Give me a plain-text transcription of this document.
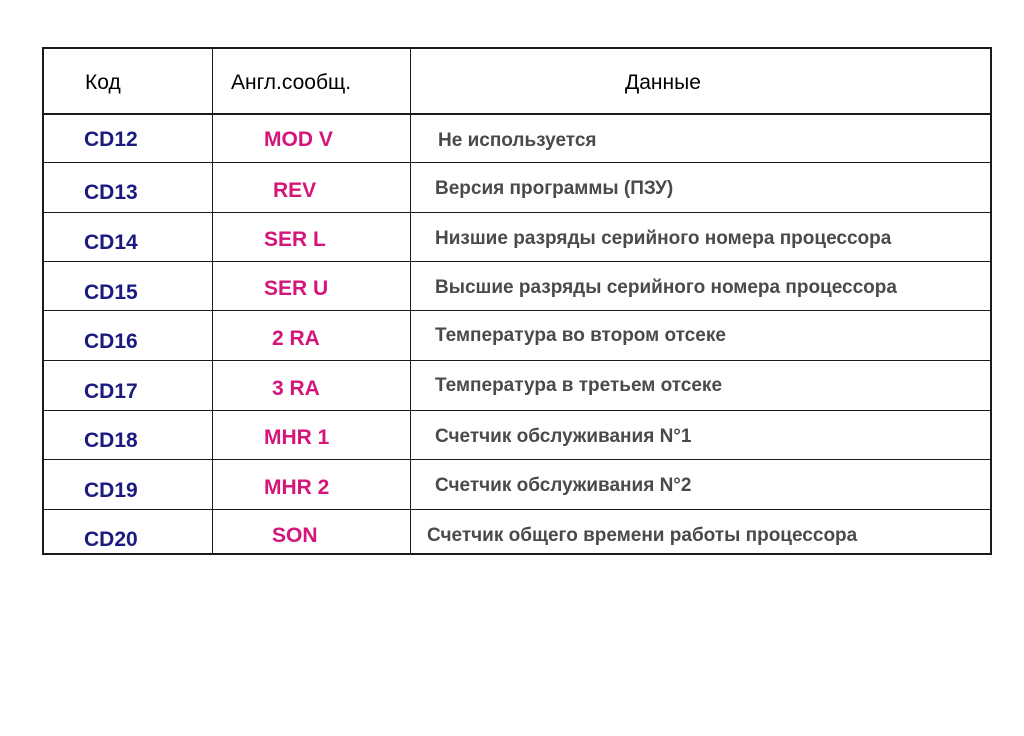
Код	Англ.сообщ.	Данные
CD12	MOD V	Не используется
CD13	REV	Версия программы (ПЗУ)
CD14	SER L	Низшие разряды серийного номера процессора
CD15	SER U	Высшие разряды серийного номера процессора
CD16	2 RA	Температура во втором отсеке
CD17	3 RA	Температура в третьем отсеке
CD18	MHR 1	Счетчик обслуживания N°1
CD19	MHR 2	Счетчик обслуживания N°2
CD20	SON	Счетчик общего времени работы процессора
